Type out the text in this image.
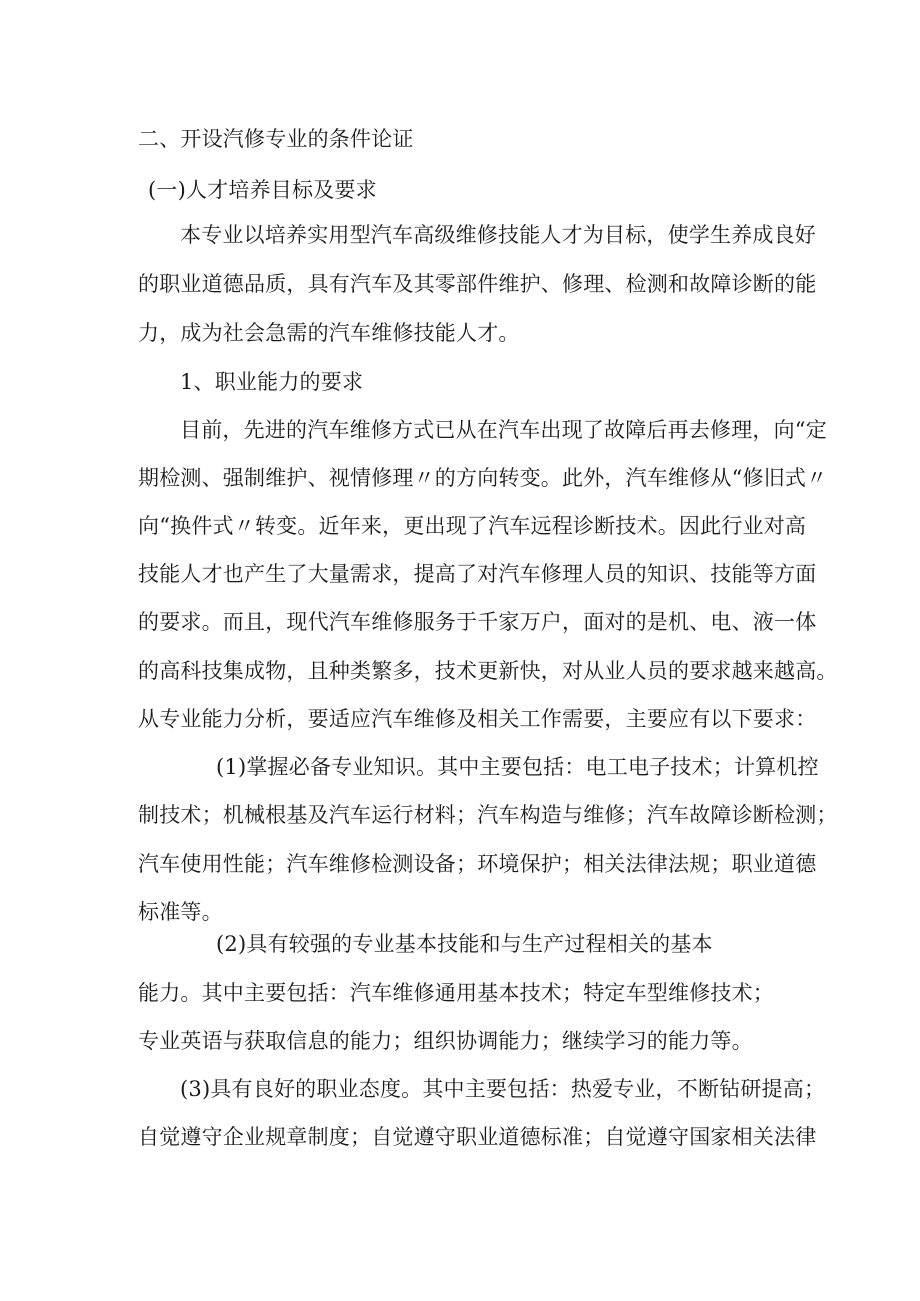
二、开设汽修专业的条件论证
(一)人才培养目标及要求
本专业以培养实用型汽车高级维修技能人才为目标，使学生养成良好
的职业道德品质，具有汽车及其零部件维护、修理、检测和故障诊断的能
力，成为社会急需的汽车维修技能人才。
1、职业能力的要求
目前，先进的汽车维修方式已从在汽车出现了故障后再去修理，向“定
期检测、强制维护、视情修理〃的方向转变。此外，汽车维修从“修旧式〃
向“换件式〃转变。近年来，更出现了汽车远程诊断技术。因此行业对高
技能人才也产生了大量需求，提高了对汽车修理人员的知识、技能等方面
的要求。而且，现代汽车维修服务于千家万户，面对的是机、电、液一体
的高科技集成物，且种类繁多，技术更新快，对从业人员的要求越来越高。
从专业能力分析，要适应汽车维修及相关工作需要，主要应有以下要求：
(1)掌握必备专业知识。其中主要包括：电工电子技术；计算机控
制技术；机械根基及汽车运行材料；汽车构造与维修；汽车故障诊断检测；
汽车使用性能；汽车维修检测设备；环境保护；相关法律法规；职业道德
标准等。
(2)具有较强的专业基本技能和与生产过程相关的基本
能力。其中主要包括：汽车维修通用基本技术；特定车型维修技术；
专业英语与获取信息的能力；组织协调能力；继续学习的能力等。
(3)具有良好的职业态度。其中主要包括：热爱专业，不断钻研提高；
自觉遵守企业规章制度；自觉遵守职业道德标准；自觉遵守国家相关法律
